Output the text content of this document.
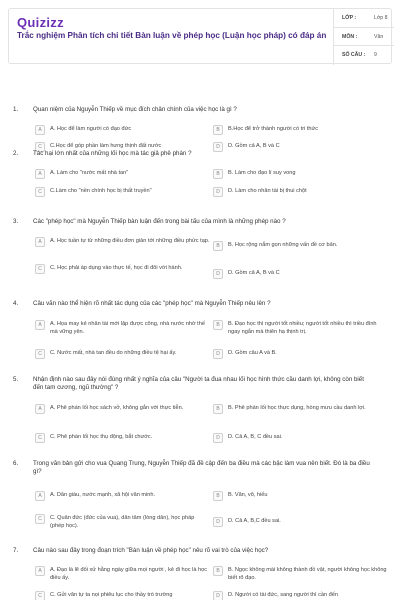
Quizizz
Trắc nghiệm Phân tích chi tiết Bàn luận về phép học (Luận học pháp) có đáp án
LỚP :	Lớp 8
MÔN :	Văn
SỐ CÂU : 9
1. Quan niệm của Nguyễn Thiếp về mục đích chân chính của việc học là gì ?
A	A. Học để làm người có đạo đức	B	B.Học để trở thành người có tri thức
C	C.Học để góp phần làm hưng thịnh đất nước	D	D. Gồm cả A, B và C
2. Tác hại lớn nhất của những lối học mà tác giả phê phán ?
A	A. Làm cho "nước mất nhà tan"	B	B. Làm cho đạo lí suy vong
C	C.Làm cho "nền chính học bị thất truyền"	D	D. Làm cho nhân tài bị thui chột
3. Các "phép học" mà Nguyễn Thiếp bàn luận đến trong bài tấu của mình là những phép nào ?
A	A. Học tuần tự từ những điều đơn giản tới những điều phức tạp.
B	B. Học rộng nắm gọn những vấn đề cơ bản.
C	C. Học phải áp dụng vào thực tế, học đi đôi với hành.
D	D. Gồm cả A, B và C
4. Câu văn nào thể hiện rõ nhất tác dụng của các "phép học" mà Nguyễn Thiếp nêu lên ?
A	A. Họa may kẻ nhân tài mới lập được công, nhà nước nhờ thế mà vững yên.
B	B. Đạo học thì người tốt nhiều; người tốt nhiều thì triều đình ngay ngắn mà thiên hạ thịnh trị.
C	C. Nước mất, nhà tan đều do những điều tệ hại ấy.	D	D. Gồm câu A và B.
5. Nhận định nào sau đây nói đúng nhất ý nghĩa của câu "Người ta đua nhau lối học hình thức cầu danh lợi, không còn biết đến tam cương, ngũ thường" ?
A	A. Phê phán lối học sách vở, không gắn với thực tiễn.	B	B. Phê phán lối học thực dụng, hòng mưu cầu danh lợi.
C	C. Phê phán lối học thụ động, bắt chước.	D	D. Cả A, B, C đều sai.
6. Trong văn bản gửi cho vua Quang Trung, Nguyễn Thiếp đã đề cập đến ba điều mà các bậc làm vua nên biết. Đó là ba điều gì?
A	A. Dân giàu, nước mạnh, xã hội văn minh.	B	B. Văn, võ, hiếu
C	C. Quân đức (đức của vua), dân tâm (lòng dân), học pháp (phép học).
D	D. Cả A, B,C đều sai.
7. Câu nào sau đây trong đoạn trích "Bàn luận về phép học" nêu rõ vai trò của việc học?
A	A. Đạo là lẽ đối xử hằng ngày giữa mọi người , kẻ đi học là học điều ấy.
B	B. Ngọc không mài không thành đồ vật, người không học không biết rõ đạo.
C	C. Gửi văn tự ta nọi phiêu lục cho thầy trò trường	D	D. Người có tài đức, sang người thì cần đến
